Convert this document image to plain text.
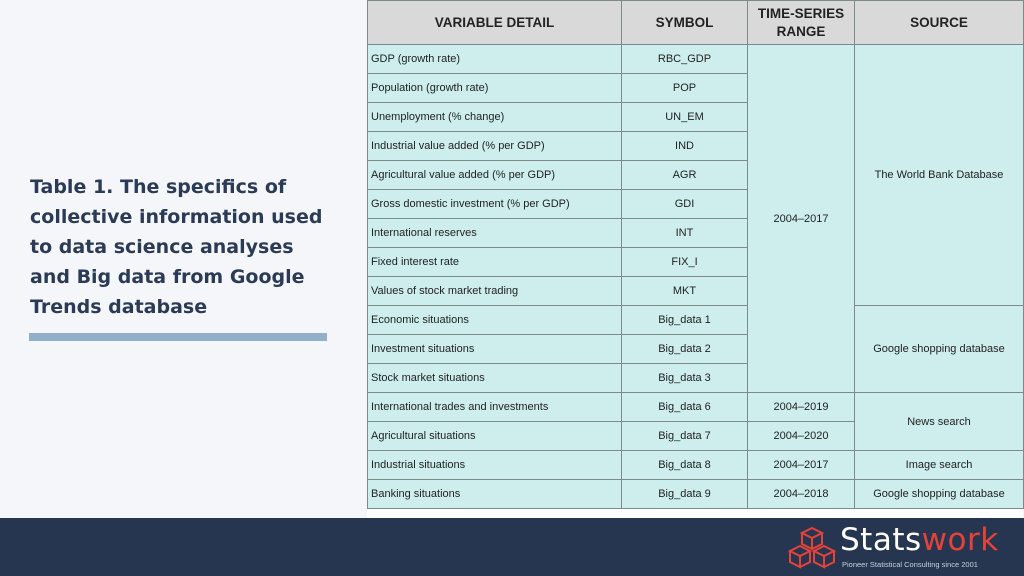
Table 1. The specifics of collective information used to data science analyses and Big data from Google Trends database
VARIABLE DETAIL	SYMBOL	TIME-SERIES RANGE	SOURCE
GDP (growth rate)	RBC_GDP	2004–2017	The World Bank Database
Population (growth rate)	POP		
Unemployment (% change)	UN_EM		
Industrial value added (% per GDP)	IND		
Agricultural value added (% per GDP)	AGR		
Gross domestic investment (% per GDP)	GDI		
International reserves	INT		
Fixed interest rate	FIX_I		
Values of stock market trading	MKT		
Economic situations	Big_data 1		Google shopping database
Investment situations	Big_data 2		
Stock market situations	Big_data 3		
International trades and investments	Big_data 6	2004–2019	News search
Agricultural situations	Big_data 7	2004–2020	
Industrial situations	Big_data 8	2004–2017	Image search
Banking situations	Big_data 9	2004–2018	Google shopping database
Statswork
Pioneer Statistical Consulting since 2001
